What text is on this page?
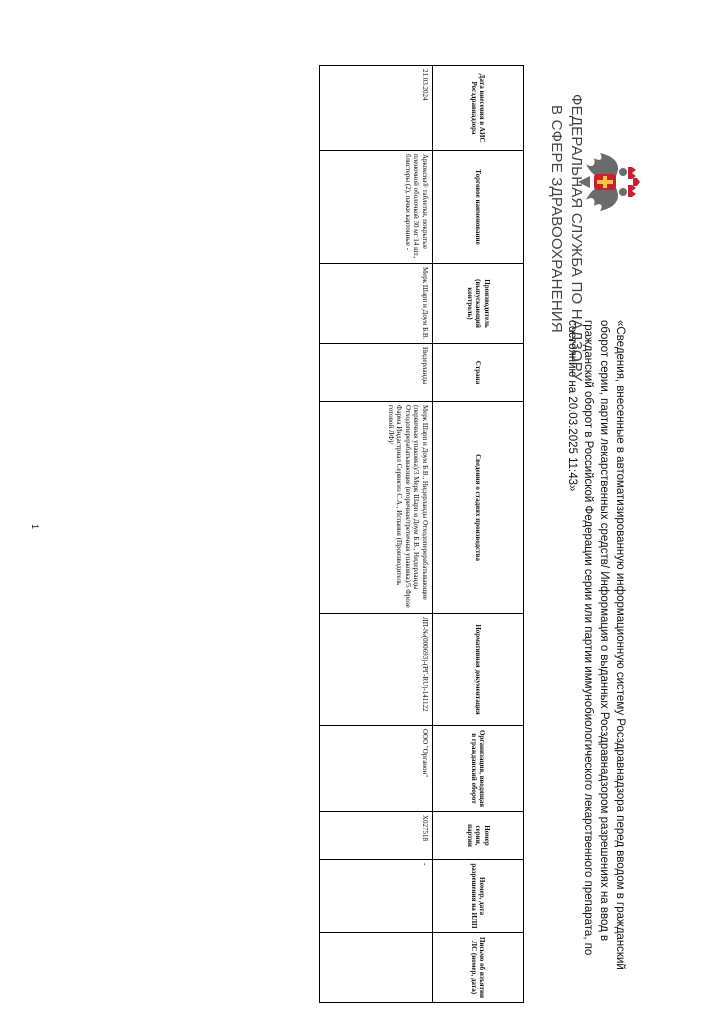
ФЕДЕРАЛЬНАЯ СЛУЖБА ПО НАДЗОРУ
В СФЕРЕ ЗДРАВООХРАНЕНИЯ
«Сведения, внесенные в автоматизированную информационную систему Росздравнадзора перед вводом в гражданский оборот серии, партии лекарственных средств/ Информация о выданных Росздравнадзором разрешениях на ввод в гражданский оборот в Российской Федерации серии или партии иммунобиологического лекарственного препарата, по состоянию на 20.03.2025 11:43»
Дата внесения в АИС Росздравнадзора	Торговое наименование	Производитель (выпускающий контроль)	Страна	Сведения о стадиях производства	Нормативная документация	Организация, вводящая в гражданский оборот	Номер серии, партии	Номер, дата разрешения на ИЛП	Письмо об изъятии ЛС (номер, дата)
21.03.2024	Аркоксиа® таблетки, покрытые пленочной оболочкой 30 мг 14 шт., блистеры (2), пачки картонные -	Мерк Шарп и Доум Б.В.	Нидерланды	Мерк Шарп и Доум Б.В., Нидерланды Отходоперерабатывающие (первичная упаковка)/3 Мерк Шарп и Доум Б.В., Нидерланды Отходоперерабатывающие (вторичная/третичная упаковка)/5 Фрозе Фарма Индастриал Сервисиз С.А., Испания (Производитель готовой ЛФ)/	ЛП-№(000693)-(РГ-RU)-141122	ООО "Органон"	X027518	-	
1
